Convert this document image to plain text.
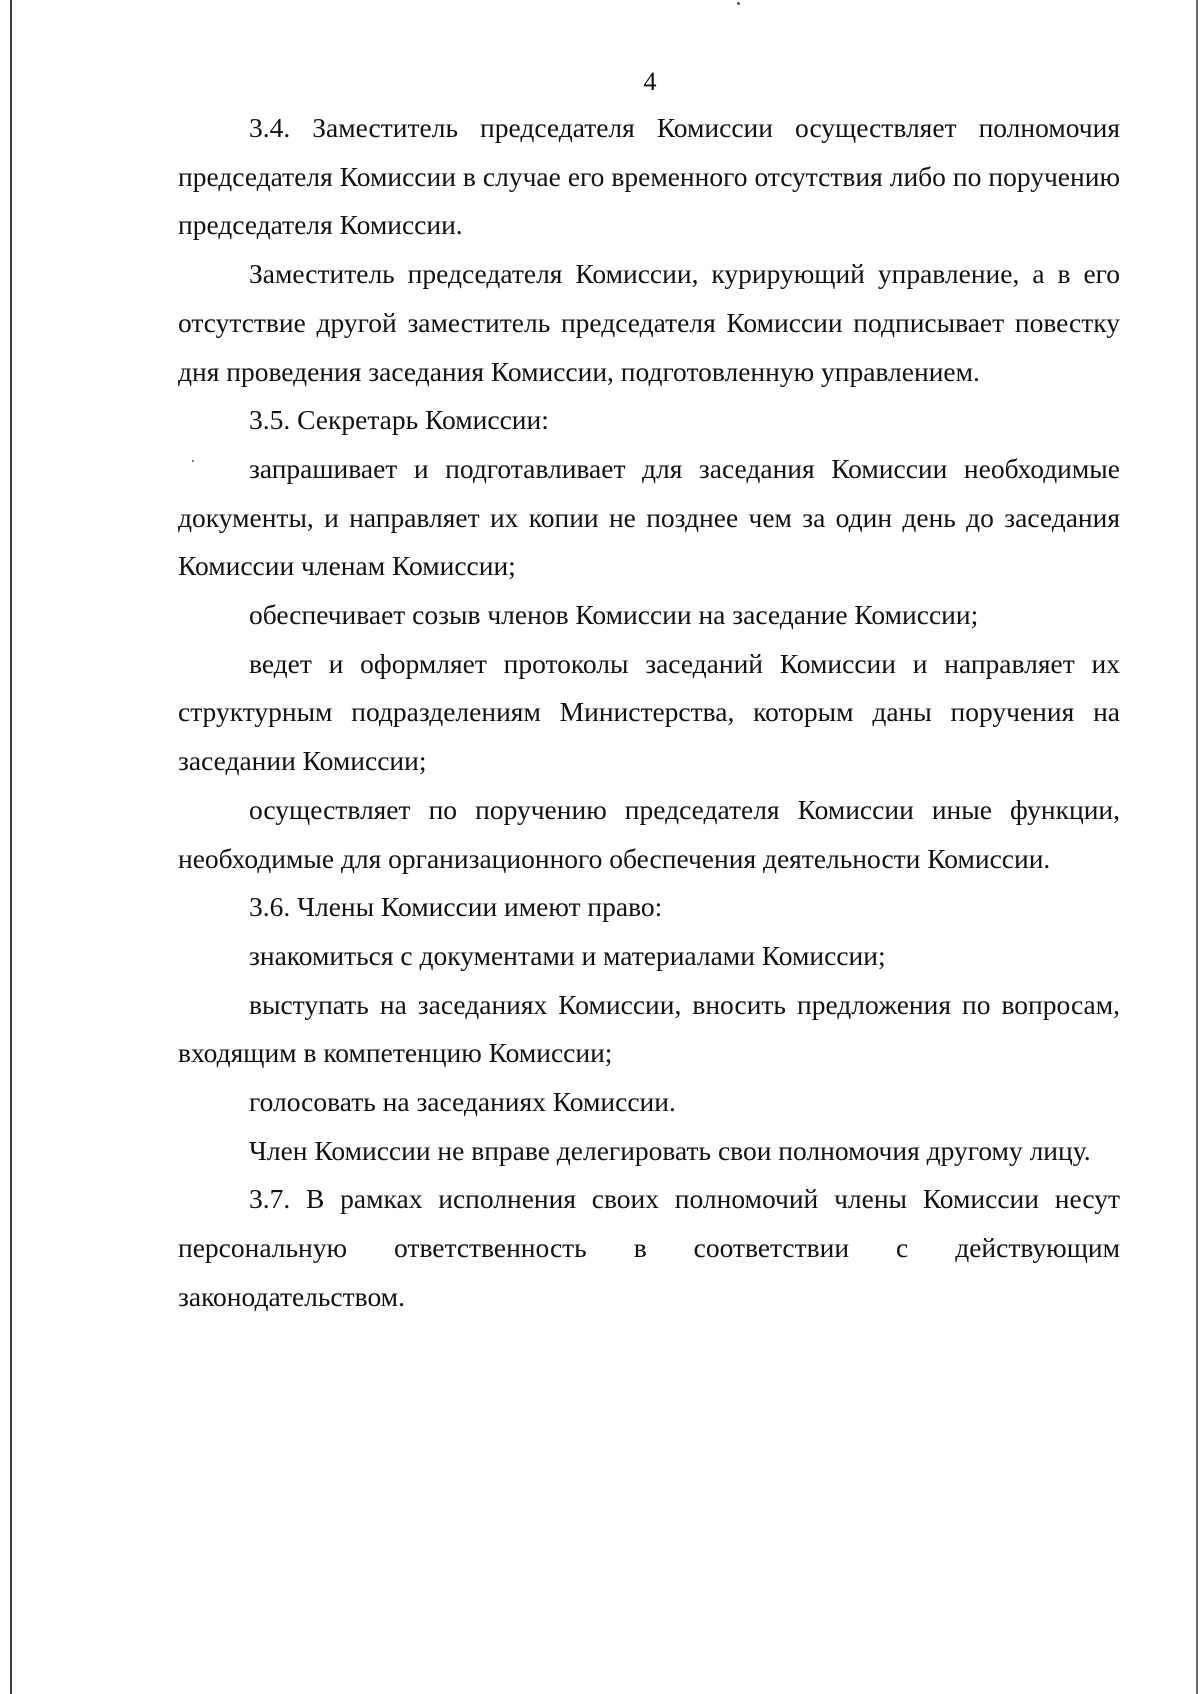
4

3.4. Заместитель председателя Комиссии осуществляет полномочия председателя Комиссии в случае его временного отсутствия либо по поручению председателя Комиссии.

Заместитель председателя Комиссии, курирующий управление, а в его отсутствие другой заместитель председателя Комиссии подписывает повестку дня проведения заседания Комиссии, подготовленную управлением.

3.5. Секретарь Комиссии:

запрашивает и подготавливает для заседания Комиссии необходимые документы, и направляет их копии не позднее чем за один день до заседания Комиссии членам Комиссии;

обеспечивает созыв членов Комиссии на заседание Комиссии;

ведет и оформляет протоколы заседаний Комиссии и направляет их структурным подразделениям Министерства, которым даны поручения на заседании Комиссии;

осуществляет по поручению председателя Комиссии иные функции, необходимые для организационного обеспечения деятельности Комиссии.

3.6. Члены Комиссии имеют право:

знакомиться с документами и материалами Комиссии;

выступать на заседаниях Комиссии, вносить предложения по вопросам, входящим в компетенцию Комиссии;

голосовать на заседаниях Комиссии.

Член Комиссии не вправе делегировать свои полномочия другому лицу.

3.7. В рамках исполнения своих полномочий члены Комиссии несут персональную ответственность в соответствии с действующим законодательством.
